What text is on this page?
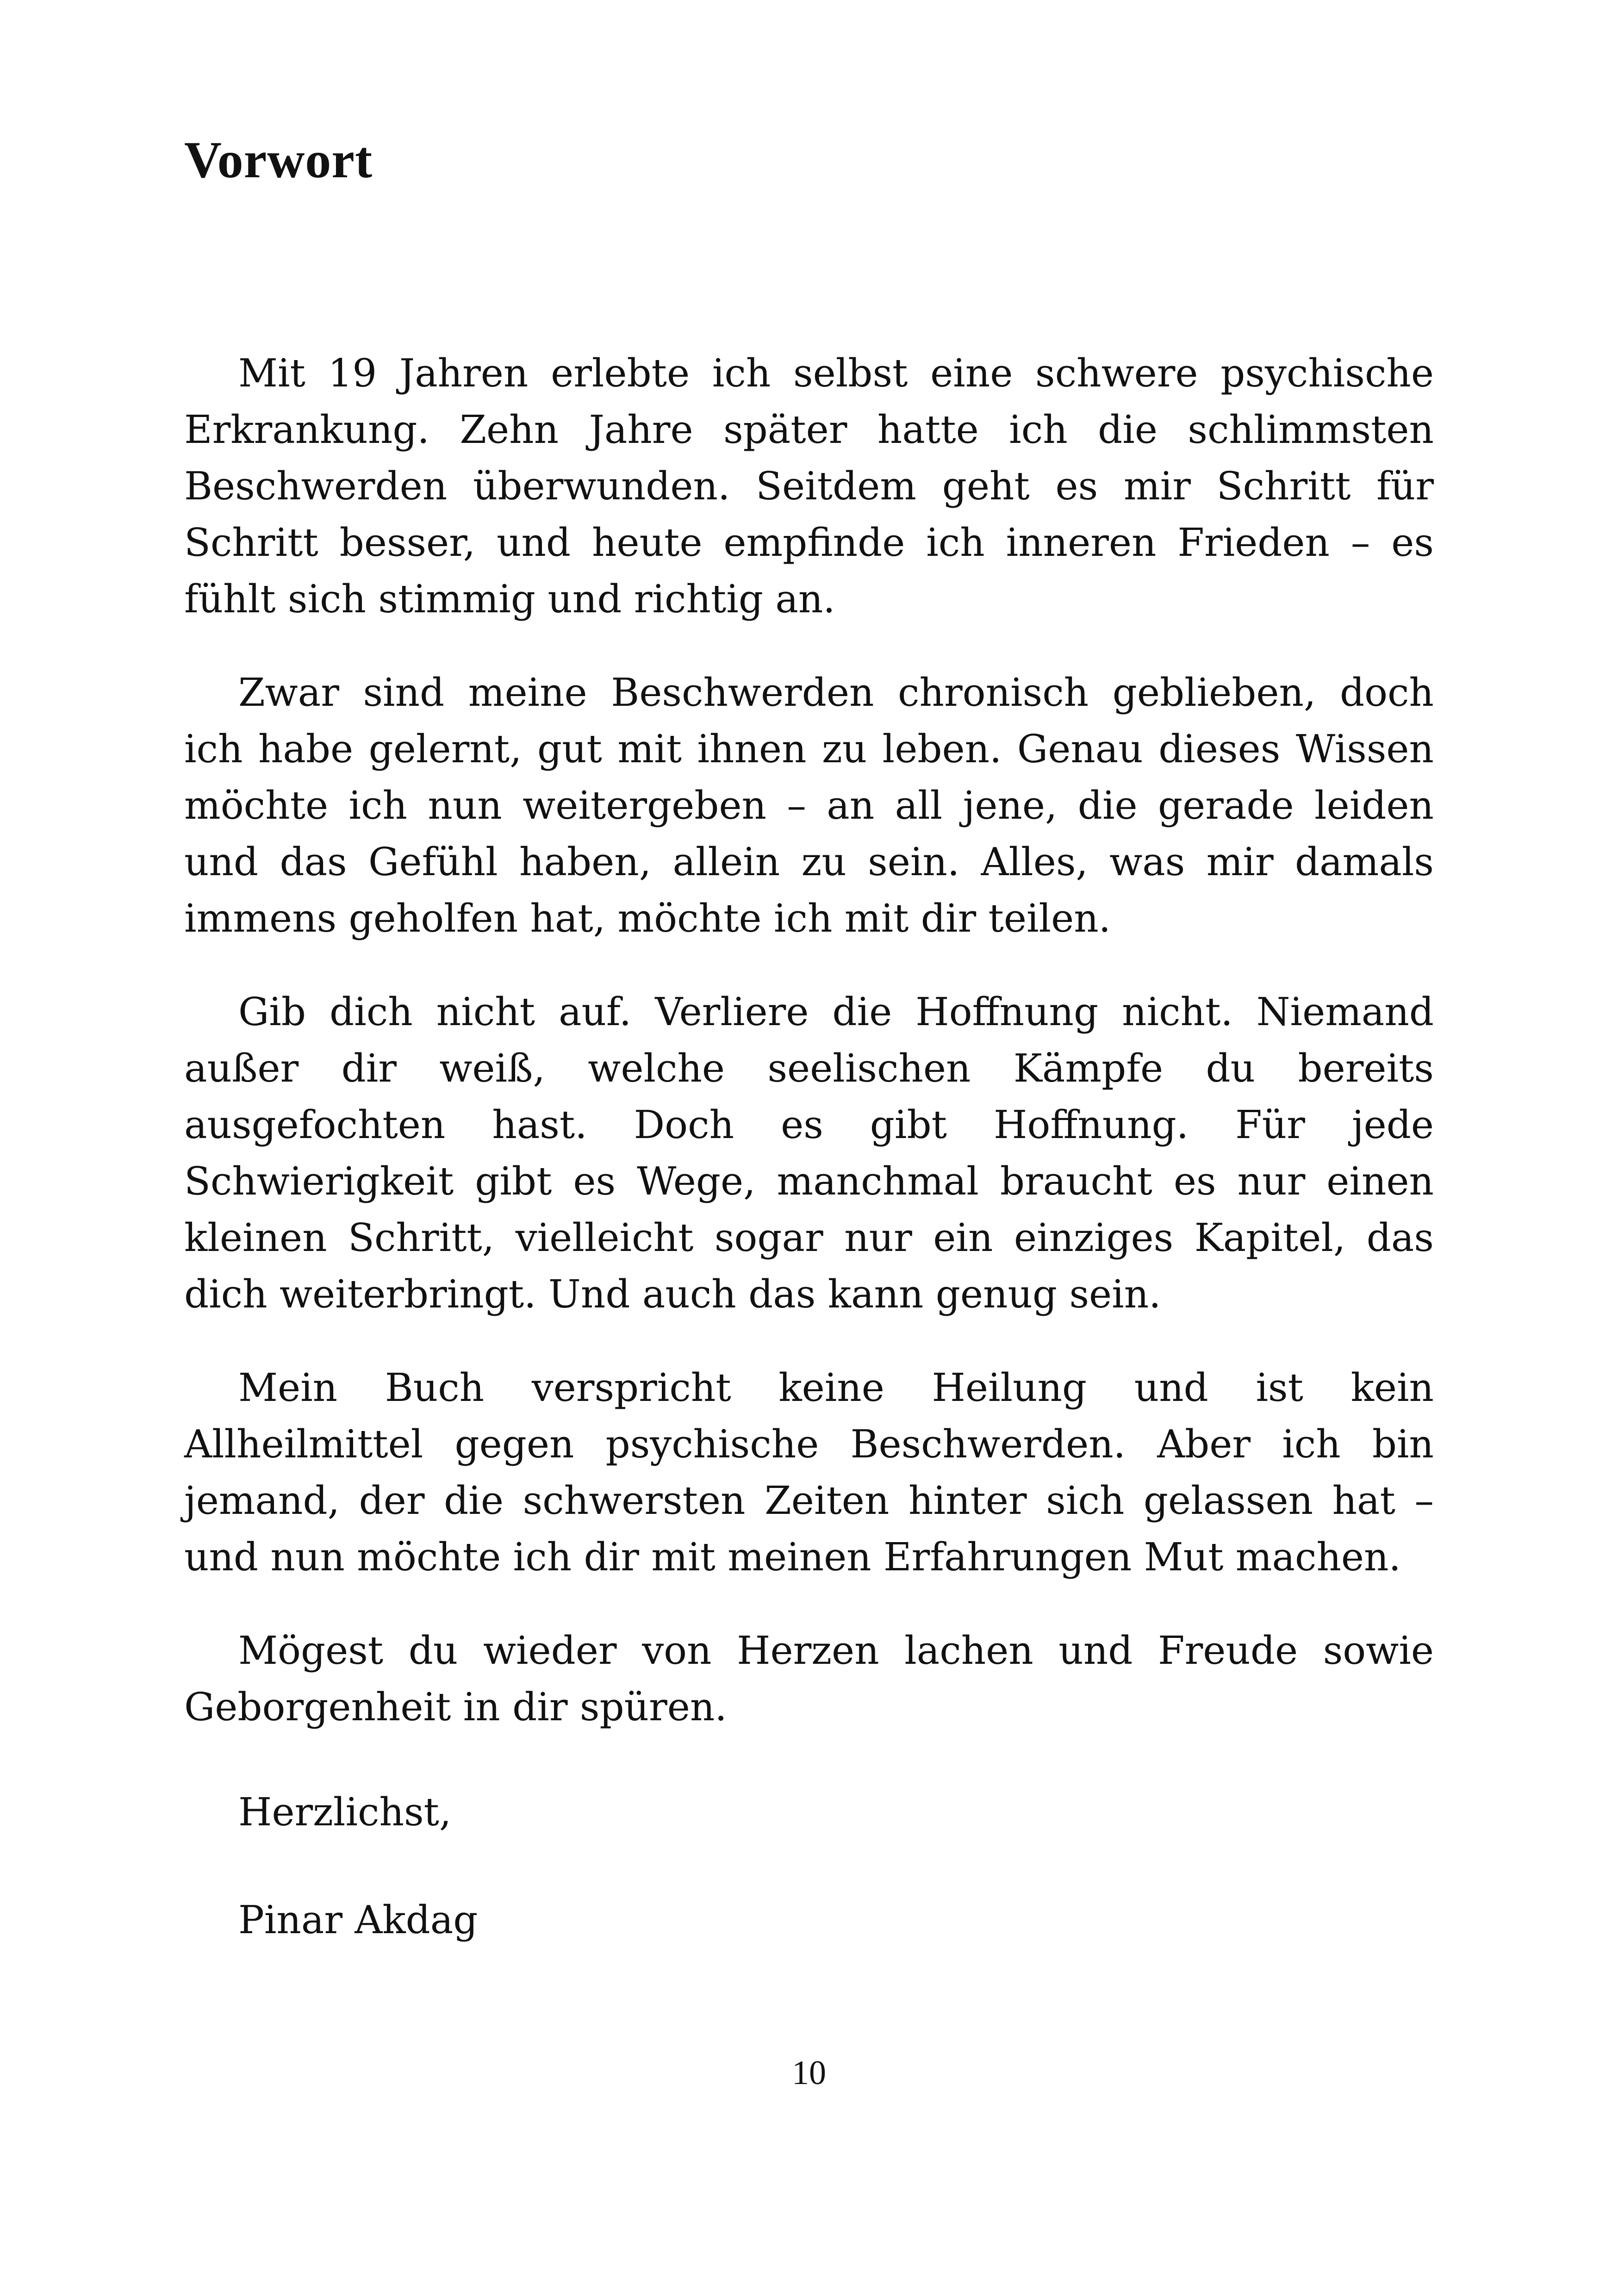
Vorwort

Mit 19 Jahren erlebte ich selbst eine schwere psychische Erkrankung. Zehn Jahre später hatte ich die schlimmsten Beschwerden überwunden. Seitdem geht es mir Schritt für Schritt besser, und heute empfinde ich inneren Frieden – es fühlt sich stimmig und richtig an.

Zwar sind meine Beschwerden chronisch geblieben, doch ich habe gelernt, gut mit ihnen zu leben. Genau dieses Wissen möchte ich nun weitergeben – an all jene, die gerade leiden und das Gefühl haben, allein zu sein. Alles, was mir damals immens geholfen hat, möchte ich mit dir teilen.

Gib dich nicht auf. Verliere die Hoffnung nicht. Niemand außer dir weiß, welche seelischen Kämpfe du bereits ausgefochten hast. Doch es gibt Hoffnung. Für jede Schwierigkeit gibt es Wege, manchmal braucht es nur einen kleinen Schritt, vielleicht sogar nur ein einziges Kapitel, das dich weiterbringt. Und auch das kann genug sein.

Mein Buch verspricht keine Heilung und ist kein Allheilmittel gegen psychische Beschwerden. Aber ich bin jemand, der die schwersten Zeiten hinter sich gelassen hat – und nun möchte ich dir mit meinen Erfahrungen Mut machen.

Mögest du wieder von Herzen lachen und Freude sowie Geborgenheit in dir spüren.

Herzlichst,

Pinar Akdag

10
